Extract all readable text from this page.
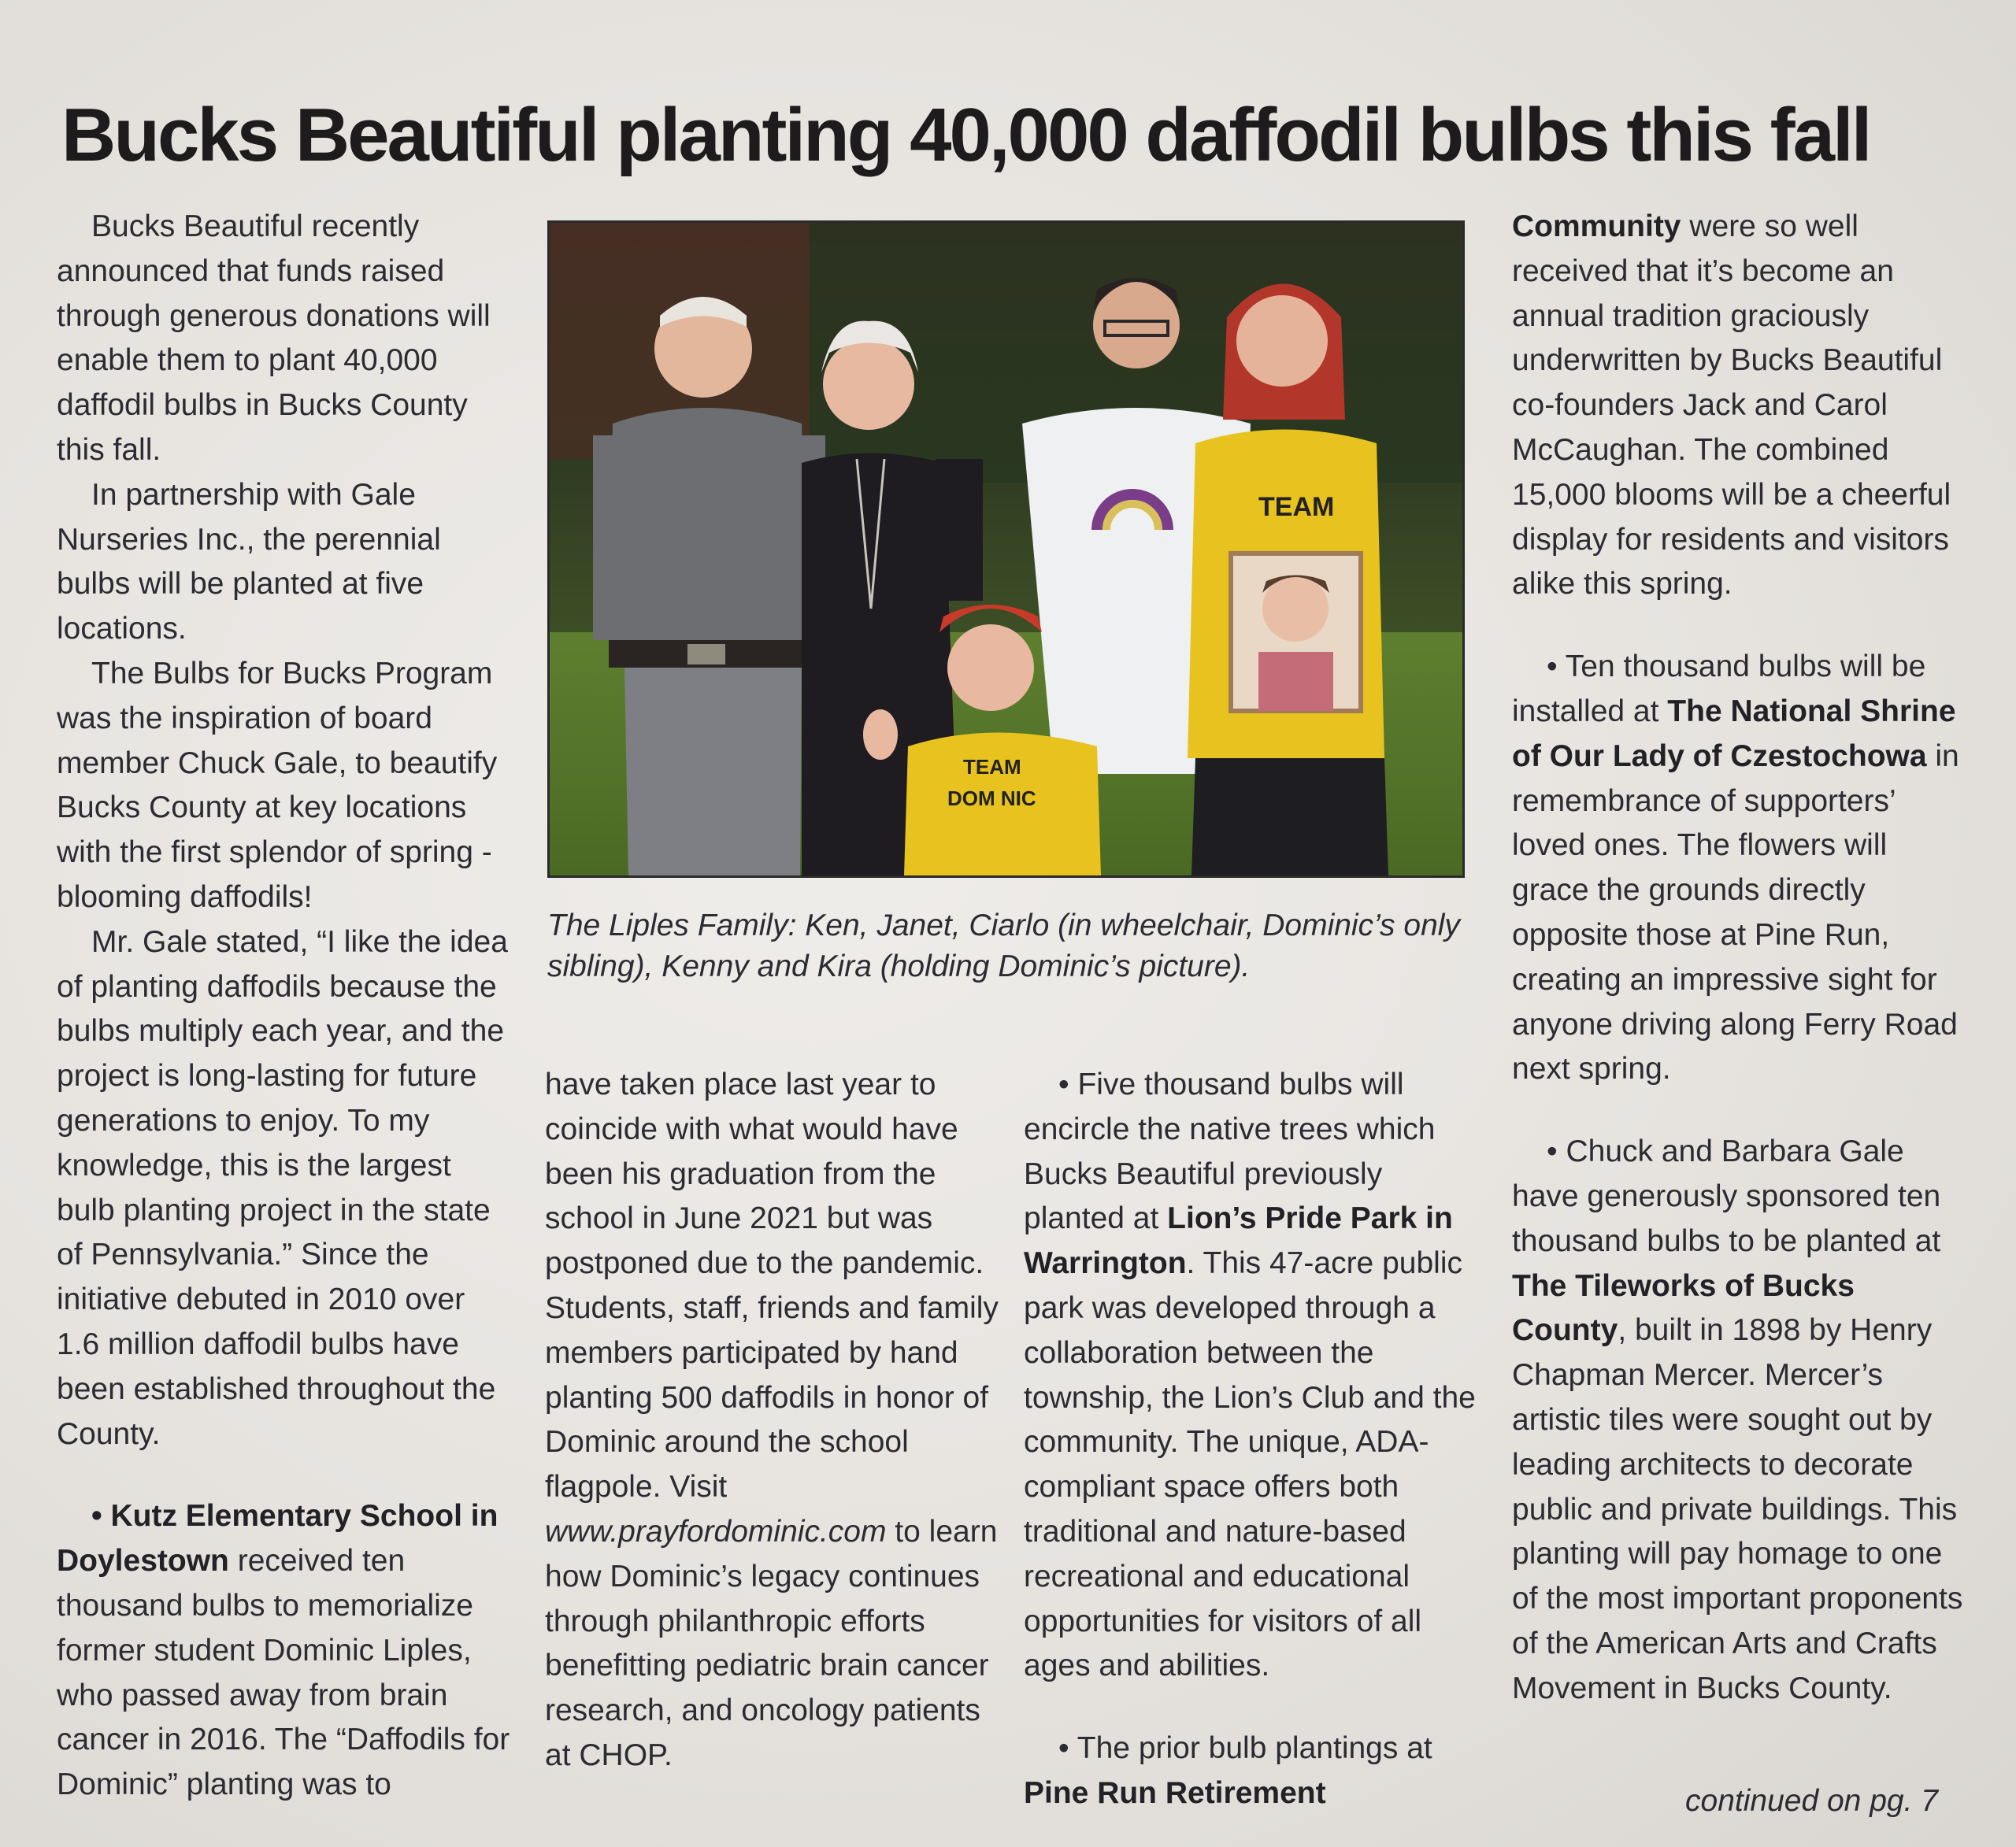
Bucks Beautiful planting 40,000 daffodil bulbs this fall

Bucks Beautiful recently announced that funds raised through generous donations will enable them to plant 40,000 daffodil bulbs in Bucks County this fall.

In partnership with Gale Nurseries Inc., the perennial bulbs will be planted at five locations.

The Bulbs for Bucks Program was the inspiration of board member Chuck Gale, to beautify Bucks County at key locations with the first splendor of spring - blooming daffodils!

Mr. Gale stated, “I like the idea of planting daffodils because the bulbs multiply each year, and the project is long-lasting for future generations to enjoy. To my knowledge, this is the largest bulb planting project in the state of Pennsylvania.” Since the initiative debuted in 2010 over 1.6 million daffodil bulbs have been established throughout the County.

• Kutz Elementary School in Doylestown received ten thousand bulbs to memorialize former student Dominic Liples, who passed away from brain cancer in 2016. The “Daffodils for Dominic” planting was to

TEAM
TEAM
DOM NIC

The Liples Family: Ken, Janet, Ciarlo (in wheelchair, Dominic’s only sibling), Kenny and Kira (holding Dominic’s picture).

have taken place last year to coincide with what would have been his graduation from the school in June 2021 but was postponed due to the pandemic. Students, staff, friends and family members participated by hand planting 500 daffodils in honor of Dominic around the school flagpole. Visit www.prayfordominic.com to learn how Dominic’s legacy continues through philanthropic efforts benefitting pediatric brain cancer research, and oncology patients at CHOP.

• Five thousand bulbs will encircle the native trees which Bucks Beautiful previously planted at Lion’s Pride Park in Warrington. This 47-acre public park was developed through a collaboration between the township, the Lion’s Club and the community. The unique, ADA-compliant space offers both traditional and nature-based recreational and educational opportunities for visitors of all ages and abilities.

• The prior bulb plantings at Pine Run Retirement

Community were so well received that it’s become an annual tradition graciously underwritten by Bucks Beautiful co-founders Jack and Carol McCaughan. The combined 15,000 blooms will be a cheerful display for residents and visitors alike this spring.

• Ten thousand bulbs will be installed at The National Shrine of Our Lady of Czestochowa in remembrance of supporters’ loved ones. The flowers will grace the grounds directly opposite those at Pine Run, creating an impressive sight for anyone driving along Ferry Road next spring.

• Chuck and Barbara Gale have generously sponsored ten thousand bulbs to be planted at The Tileworks of Bucks County, built in 1898 by Henry Chapman Mercer. Mercer’s artistic tiles were sought out by leading architects to decorate public and private buildings. This planting will pay homage to one of the most important proponents of the American Arts and Crafts Movement in Bucks County.

continued on pg. 7
